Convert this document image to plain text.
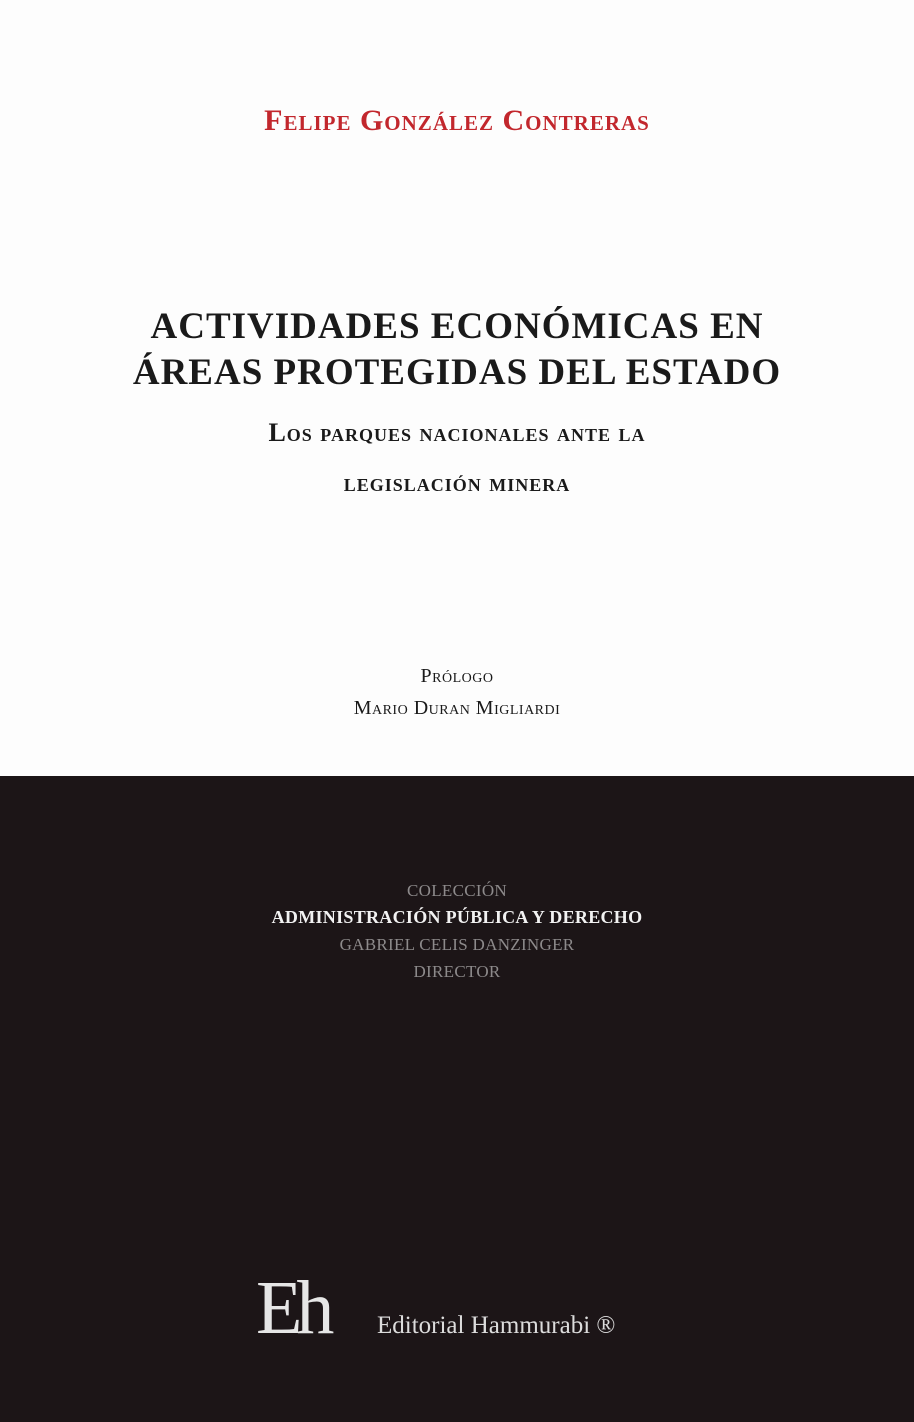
Felipe González Contreras
ACTIVIDADES ECONÓMICAS EN
ÁREAS PROTEGIDAS DEL ESTADO
Los parques nacionales ante la
legislación minera
Prólogo
Mario Duran Migliardi
COLECCIÓN
ADMINISTRACIÓN PÚBLICA Y DERECHO
GABRIEL CELIS DANZINGER
DIRECTOR
Eh Editorial Hammurabi ®
